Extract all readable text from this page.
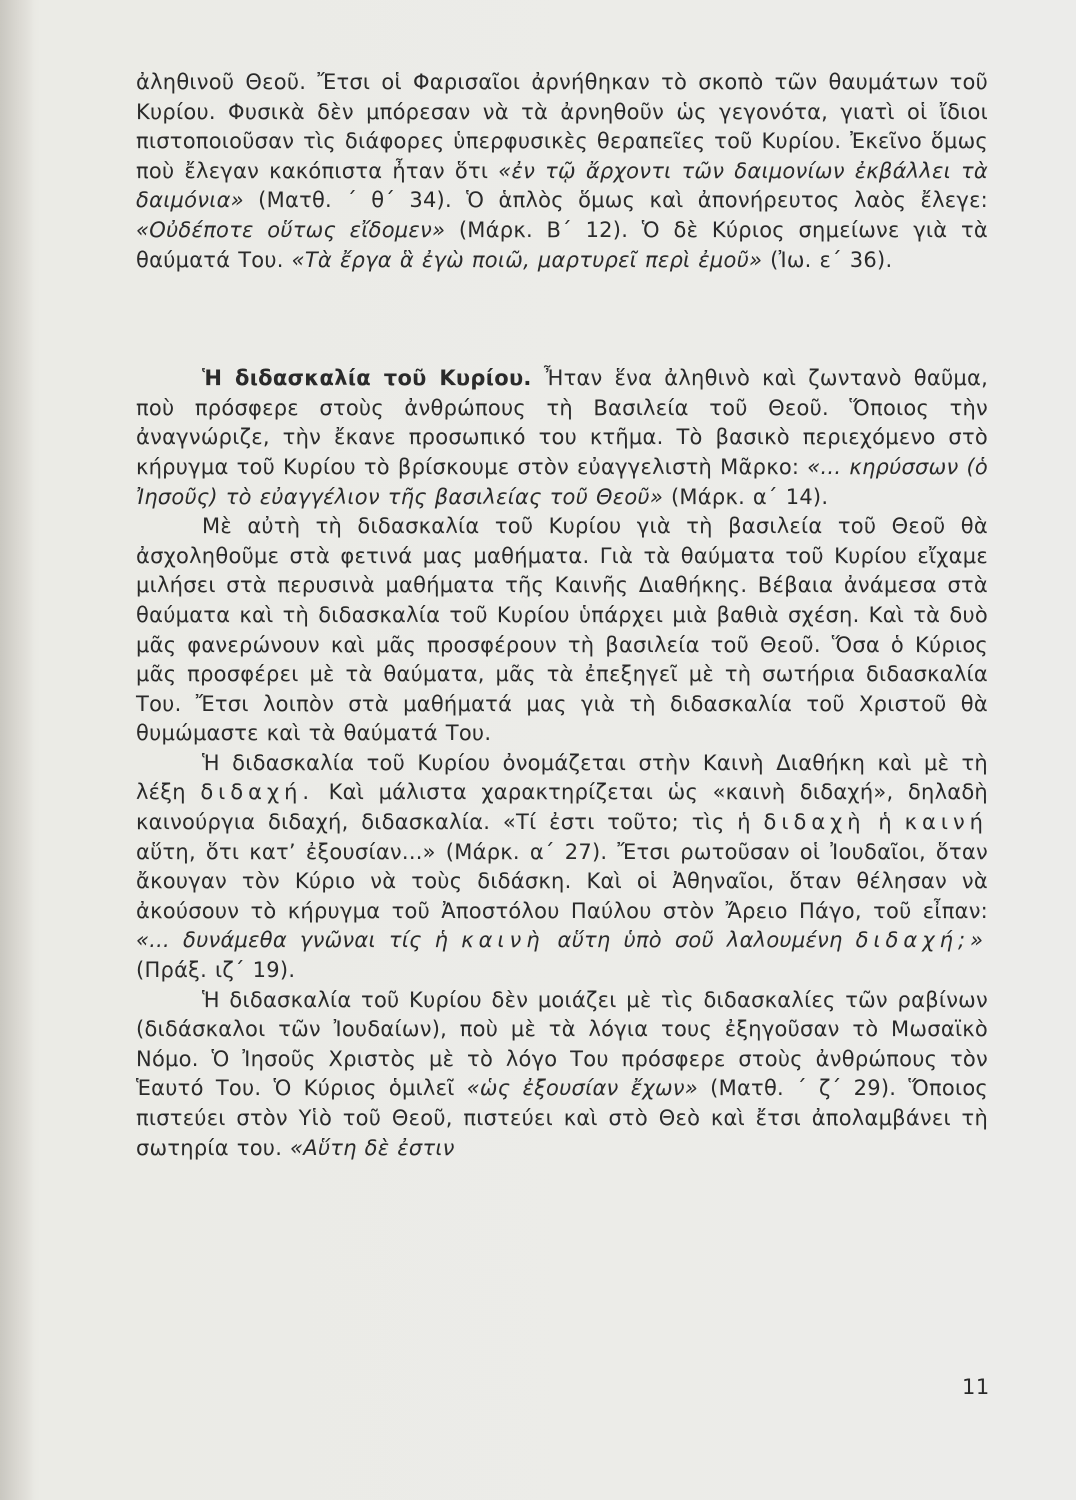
ἀληθινοῦ Θεοῦ. Ἔτσι οἱ Φαρισαῖοι ἀρνήθηκαν τὸ σκοπὸ τῶν θαυμάτων τοῦ Κυρίου. Φυσικὰ δὲν μπόρεσαν νὰ τὰ ἀρνηθοῦν ὡς γεγονότα, γιατὶ οἱ ἴδιοι πιστοποιοῦσαν τὶς διάφορες ὑπερφυσικὲς θεραπεῖες τοῦ Κυρίου. Ἐκεῖνο ὅμως ποὺ ἔλεγαν κακόπιστα ἦταν ὅτι «ἐν τῷ ἄρχοντι τῶν δαιμονίων ἐκβάλλει τὰ δαιμόνια» (Ματθ. ΄ θ΄ 34). Ὁ ἁπλὸς ὅμως καὶ ἀπονήρευτος λαὸς ἔλεγε: «Οὐδέποτε οὕτως εἴδομεν» (Μάρκ. Β΄ 12). Ὁ δὲ Κύριος σημείωνε γιὰ τὰ θαύματά Του. «Τὰ ἔργα ἃ ἐγὼ ποιῶ, μαρτυρεῖ περὶ ἐμοῦ» (Ἰω. ε΄ 36).

Ἡ διδασκαλία τοῦ Κυρίου. Ἦταν ἕνα ἀληθινὸ καὶ ζωντανὸ θαῦμα, ποὺ πρόσφερε στοὺς ἀνθρώπους τὴ Βασιλεία τοῦ Θεοῦ. Ὅποιος τὴν ἀναγνώριζε, τὴν ἔκανε προσωπικό του κτῆμα. Τὸ βασικὸ περιεχόμενο στὸ κήρυγμα τοῦ Κυρίου τὸ βρίσκουμε στὸν εὐαγγελιστὴ Μᾶρκο: «... κηρύσσων (ὁ Ἰησοῦς) τὸ εὐαγγέλιον τῆς βασιλείας τοῦ Θεοῦ» (Μάρκ. α΄ 14).

Μὲ αὐτὴ τὴ διδασκαλία τοῦ Κυρίου γιὰ τὴ βασιλεία τοῦ Θεοῦ θὰ ἀσχοληθοῦμε στὰ φετινά μας μαθήματα. Γιὰ τὰ θαύματα τοῦ Κυρίου εἴχαμε μιλήσει στὰ περυσινὰ μαθήματα τῆς Καινῆς Διαθήκης. Βέβαια ἀνάμεσα στὰ θαύματα καὶ τὴ διδασκαλία τοῦ Κυρίου ὑπάρχει μιὰ βαθιὰ σχέση. Καὶ τὰ δυὸ μᾶς φανερώνουν καὶ μᾶς προσφέρουν τὴ βασιλεία τοῦ Θεοῦ. Ὅσα ὁ Κύριος μᾶς προσφέρει μὲ τὰ θαύματα, μᾶς τὰ ἐπεξηγεῖ μὲ τὴ σωτήρια διδασκαλία Του. Ἔτσι λοιπὸν στὰ μαθήματά μας γιὰ τὴ διδασκαλία τοῦ Χριστοῦ θὰ θυμώμαστε καὶ τὰ θαύματά Του.

Ἡ διδασκαλία τοῦ Κυρίου ὀνομάζεται στὴν Καινὴ Διαθήκη καὶ μὲ τὴ λέξη διδαχή. Καὶ μάλιστα χαρακτηρίζεται ὡς «καινὴ διδαχή», δηλαδὴ καινούργια διδαχή, διδασκαλία. «Τί ἐστι τοῦτο; τὶς ἡ διδαχὴ ἡ καινή αὕτη, ὅτι κατ’ ἐξουσίαν...» (Μάρκ. α΄ 27). Ἔτσι ρωτοῦσαν οἱ Ἰουδαῖοι, ὅταν ἄκουγαν τὸν Κύριο νὰ τοὺς διδάσκη. Καὶ οἱ Ἀθηναῖοι, ὅταν θέλησαν νὰ ἀκούσουν τὸ κήρυγμα τοῦ Ἀποστόλου Παύλου στὸν Ἄρειο Πάγο, τοῦ εἶπαν: «... δυνάμεθα γνῶναι τίς ἡ καινὴ αὕτη ὑπὸ σοῦ λαλουμένη διδαχή;» (Πράξ. ιζ΄ 19).

Ἡ διδασκαλία τοῦ Κυρίου δὲν μοιάζει μὲ τὶς διδασκαλίες τῶν ραβίνων (διδάσκαλοι τῶν Ἰουδαίων), ποὺ μὲ τὰ λόγια τους ἐξηγοῦσαν τὸ Μωσαϊκὸ Νόμο. Ὁ Ἰησοῦς Χριστὸς μὲ τὸ λόγο Του πρόσφερε στοὺς ἀνθρώπους τὸν Ἑαυτό Του. Ὁ Κύριος ὁμιλεῖ «ὡς ἐξουσίαν ἔχων» (Ματθ. ΄ ζ΄ 29). Ὅποιος πιστεύει στὸν Υἱὸ τοῦ Θεοῦ, πιστεύει καὶ στὸ Θεὸ καὶ ἔτσι ἀπολαμβάνει τὴ σωτηρία του. «Αὕτη δὲ ἐστιν

11
